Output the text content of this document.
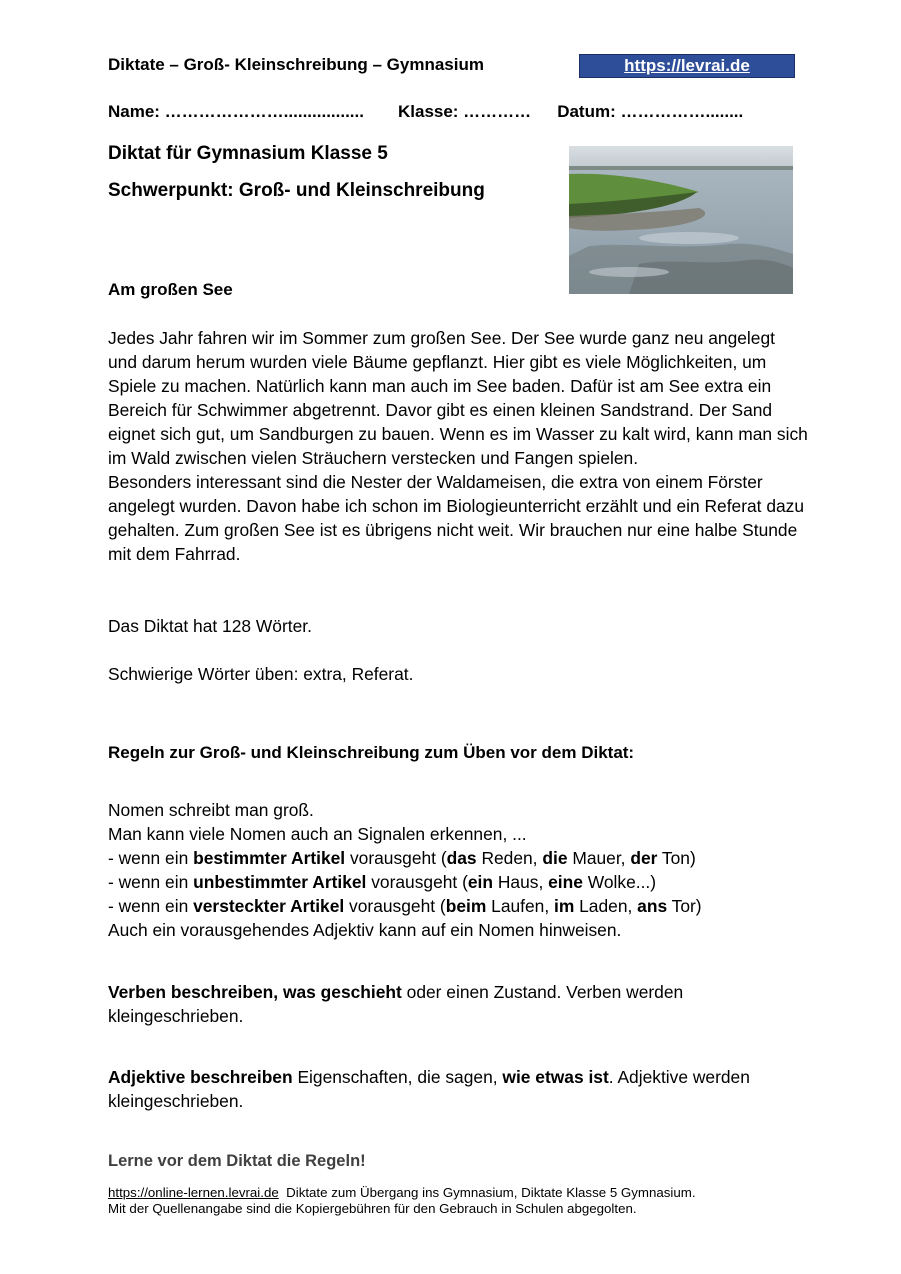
Diktate – Groß- Kleinschreibung – Gymnasium	https://levrai.de
Name: …………………................. Klasse: ………… Datum: ……………........
Diktat für Gymnasium Klasse 5
Schwerpunkt: Groß- und Kleinschreibung
Am großen See

Jedes Jahr fahren wir im Sommer zum großen See. Der See wurde ganz neu angelegt und darum herum wurden viele Bäume gepflanzt. Hier gibt es viele Möglichkeiten, um Spiele zu machen. Natürlich kann man auch im See baden. Dafür ist am See extra ein Bereich für Schwimmer abgetrennt. Davor gibt es einen kleinen Sandstrand. Der Sand eignet sich gut, um Sandburgen zu bauen. Wenn es im Wasser zu kalt wird, kann man sich im Wald zwischen vielen Sträuchern verstecken und Fangen spielen.

Besonders interessant sind die Nester der Waldameisen, die extra von einem Förster angelegt wurden. Davon habe ich schon im Biologieunterricht erzählt und ein Referat dazu gehalten. Zum großen See ist es übrigens nicht weit. Wir brauchen nur eine halbe Stunde mit dem Fahrrad.

Das Diktat hat 128 Wörter.
Schwierige Wörter üben: extra, Referat.
Regeln zur Groß- und Kleinschreibung zum Üben vor dem Diktat:
Nomen schreibt man groß.
Man kann viele Nomen auch an Signalen erkennen, ...
- wenn ein bestimmter Artikel vorausgeht (das Reden, die Mauer, der Ton)
- wenn ein unbestimmter Artikel vorausgeht (ein Haus, eine Wolke...)
- wenn ein versteckter Artikel vorausgeht (beim Laufen, im Laden, ans Tor)
Auch ein vorausgehendes Adjektiv kann auf ein Nomen hinweisen.
Verben beschreiben, was geschieht oder einen Zustand. Verben werden kleingeschrieben.
Adjektive beschreiben Eigenschaften, die sagen, wie etwas ist. Adjektive werden kleingeschrieben.
Lerne vor dem Diktat die Regeln!
https://online-lernen.levrai.de  Diktate zum Übergang ins Gymnasium, Diktate Klasse 5 Gymnasium.
Mit der Quellenangabe sind die Kopiergebühren für den Gebrauch in Schulen abgegolten.
